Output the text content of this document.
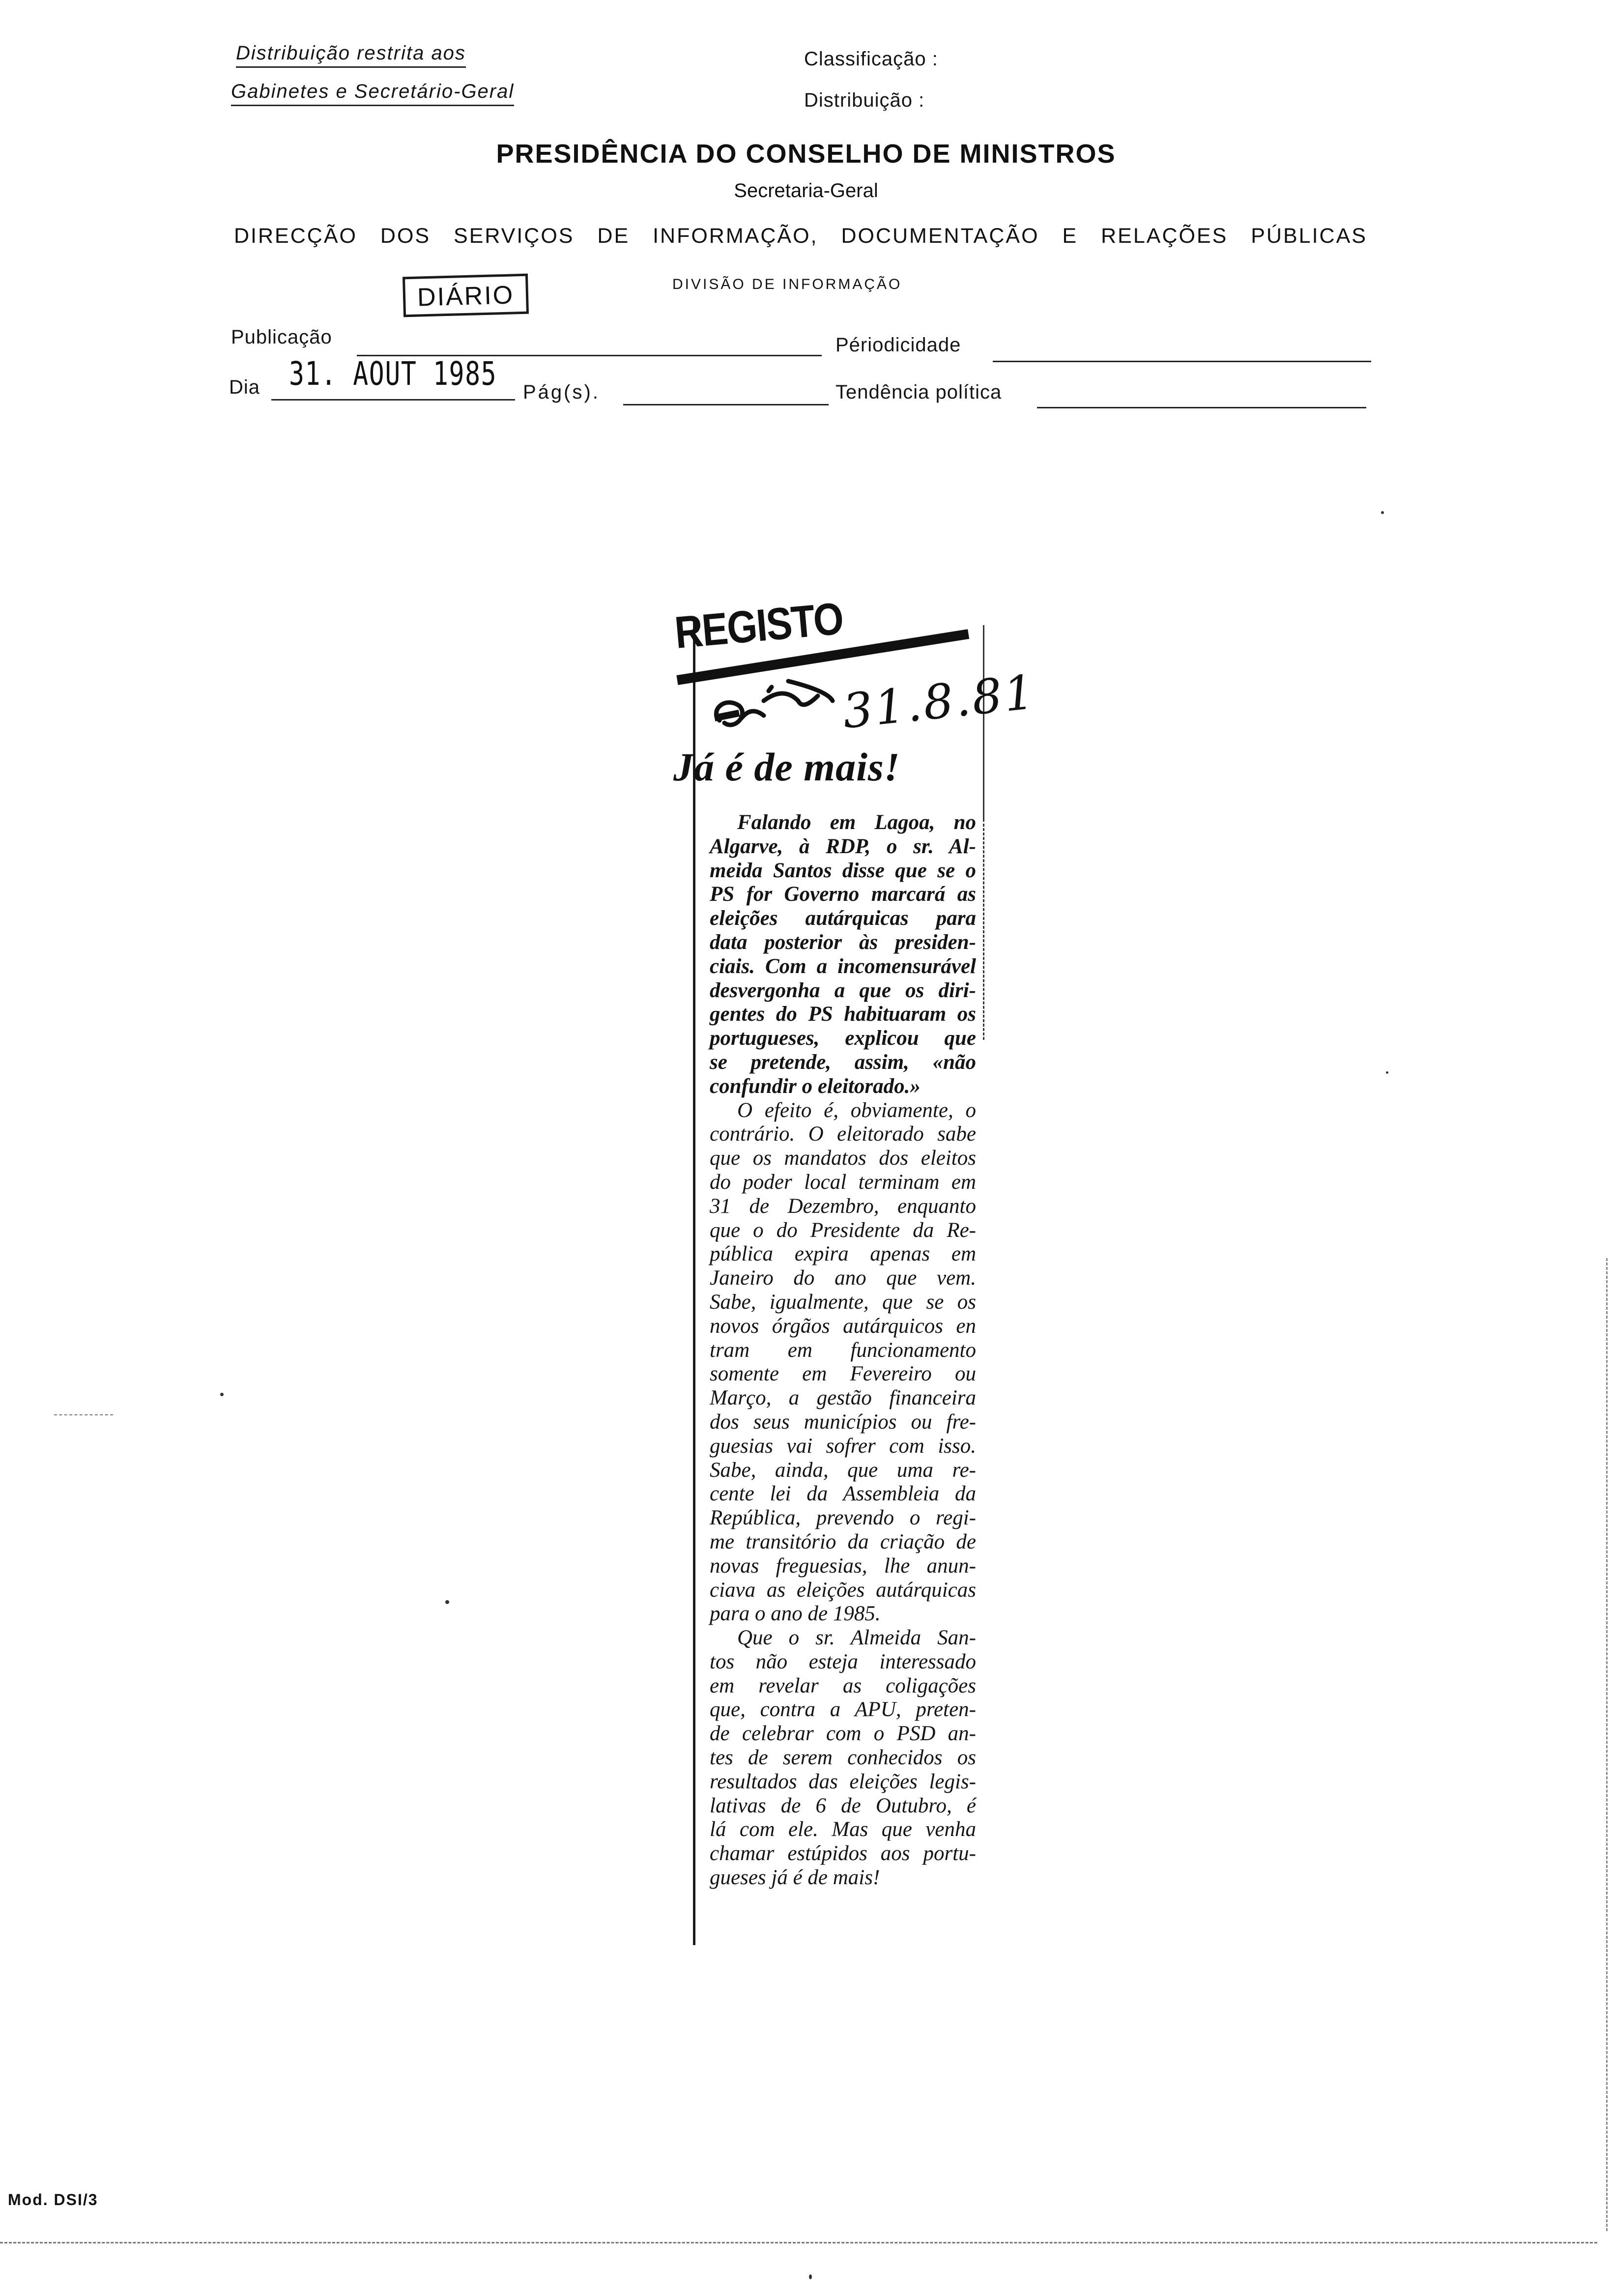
Distribuição restrita aos
Gabinetes e Secretário-Geral
Classificação :
Distribuição :
PRESIDÊNCIA DO CONSELHO DE MINISTROS
Secretaria-Geral
DIRECÇÃO DOS SERVIÇOS DE INFORMAÇÃO, DOCUMENTAÇÃO E RELAÇÕES PÚBLICAS
DIÁRIO	DIVISÃO DE INFORMAÇÃO
Publicação	Périodicidade
Dia 31. AOUT 1985 Pág(s).	Tendência política
REGISTO
31.8.81
Já é de mais!
Falando em Lagoa, no
Algarve, à RDP, o sr. Al-
meida Santos disse que se o
PS for Governo marcará as
eleições autárquicas para
data posterior às presiden-
ciais. Com a incomensurável
desvergonha a que os diri-
gentes do PS habituaram os
portugueses, explicou que
se pretende, assim, «não
confundir o eleitorado.»
O efeito é, obviamente, o
contrário. O eleitorado sabe
que os mandatos dos eleitos
do poder local terminam em
31 de Dezembro, enquanto
que o do Presidente da Re-
pública expira apenas em
Janeiro do ano que vem.
Sabe, igualmente, que se os
novos órgãos autárquicos en
tram em funcionamento
somente em Fevereiro ou
Março, a gestão financeira
dos seus municípios ou fre-
guesias vai sofrer com isso.
Sabe, ainda, que uma re-
cente lei da Assembleia da
República, prevendo o regi-
me transitório da criação de
novas freguesias, lhe anun-
ciava as eleições autárquicas
para o ano de 1985.
Que o sr. Almeida San-
tos não esteja interessado
em revelar as coligações
que, contra a APU, preten-
de celebrar com o PSD an-
tes de serem conhecidos os
resultados das eleições legis-
lativas de 6 de Outubro, é
lá com ele. Mas que venha
chamar estúpidos aos portu-
gueses já é de mais!
Mod. DSI/3
